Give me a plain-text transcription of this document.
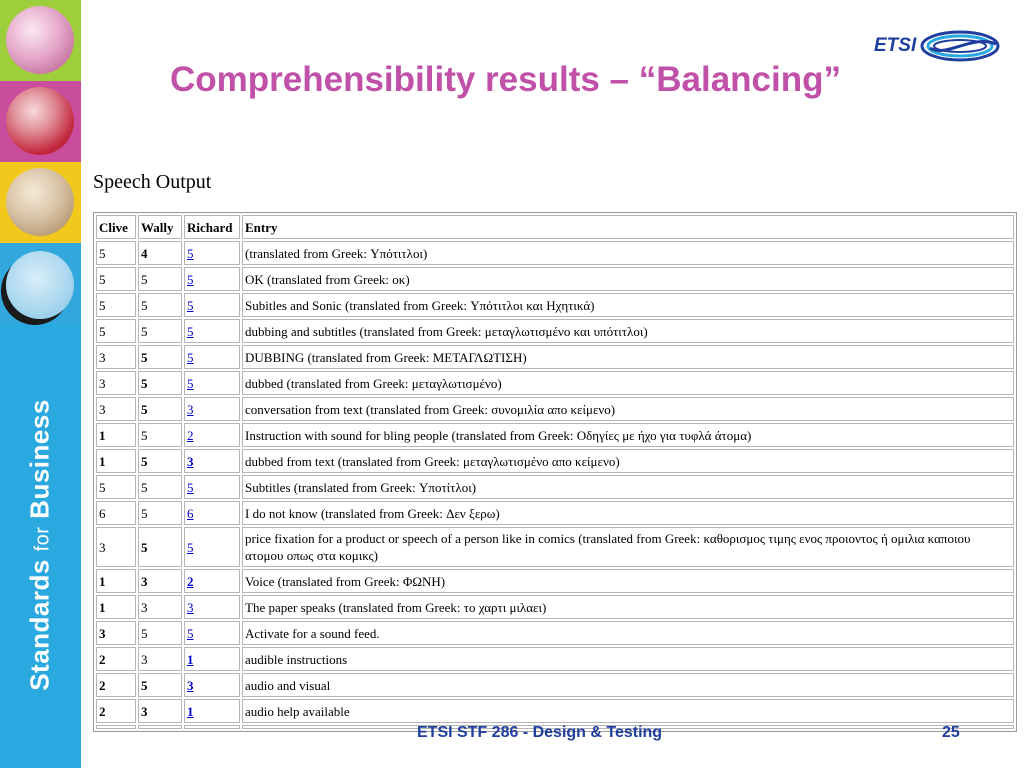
Standards for Business
Comprehensibility results – “Balancing”
ETSI
Speech Output
Clive	Wally	Richard	Entry
5	4	5	(translated from Greek: Υπότιτλοι)
5	5	5	OK (translated from Greek: οκ)
5	5	5	Subitles and Sonic (translated from Greek: Υπότιτλοι και Ηχητικά)
5	5	5	dubbing and subtitles (translated from Greek: μεταγλωτισμένο και υπότιτλοι)
3	5	5	DUBBING (translated from Greek: ΜΕΤΑΓΛΩΤΙΣΗ)
3	5	5	dubbed (translated from Greek: μεταγλωτισμένο)
3	5	3	conversation from text (translated from Greek: συνομιλία απο κείμενο)
1	5	2	Instruction with sound for bling people (translated from Greek: Οδηγίες με ήχο για τυφλά άτομα)
1	5	3	dubbed from text (translated from Greek: μεταγλωτισμένο απο κείμενο)
5	5	5	Subtitles (translated from Greek: Υποτίτλοι)
6	5	6	I do not know (translated from Greek: Δεν ξερω)
3	5	5	price fixation for a product or speech of a person like in comics (translated from Greek: καθορισμος τιμης ενος προιοντος ή ομιλια καποιου ατομου οπως στα κομικς)
1	3	2	Voice (translated from Greek: ΦΩΝΗ)
1	3	3	The paper speaks (translated from Greek: το χαρτι μιλαει)
3	5	5	Activate for a sound feed.
2	3	1	audible instructions
2	5	3	audio and visual
2	3	1	audio help available

ETSI STF 286 - Design & Testing	25
